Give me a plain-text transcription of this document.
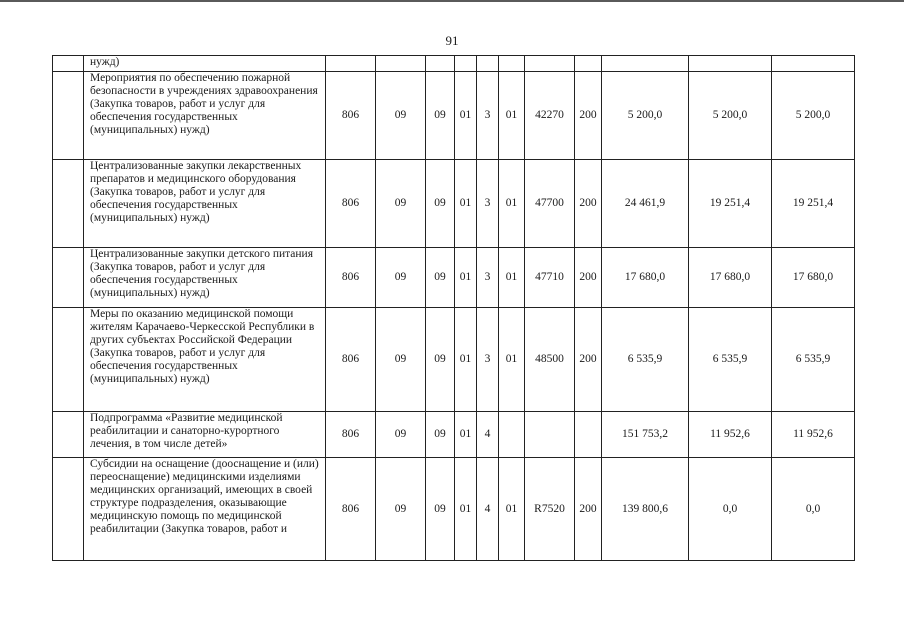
91
	нужд)											
	Мероприятия по обеспечению пожарной безопасности в учреждениях здравоохранения (Закупка товаров, работ и услуг для обеспечения государственных (муниципальных) нужд)	806	09	09	01	3	01	42270	200	5 200,0	5 200,0	5 200,0
	Централизованные закупки лекарственных препаратов и медицинского оборудования (Закупка товаров, работ и услуг для обеспечения государственных (муниципальных) нужд)	806	09	09	01	3	01	47700	200	24 461,9	19 251,4	19 251,4
	Централизованные закупки детского питания (Закупка товаров, работ и услуг для обеспечения государственных (муниципальных) нужд)	806	09	09	01	3	01	47710	200	17 680,0	17 680,0	17 680,0
	Меры по оказанию медицинской помощи жителям Карачаево-Черкесской Республики в других субъектах Российской Федерации (Закупка товаров, работ и услуг для обеспечения государственных (муниципальных) нужд)	806	09	09	01	3	01	48500	200	6 535,9	6 535,9	6 535,9
	Подпрограмма «Развитие медицинской реабилитации и санаторно-курортного лечения, в том числе детей»	806	09	09	01	4				151 753,2	11 952,6	11 952,6
	Субсидии на оснащение (дооснащение и (или) переоснащение) медицинскими изделиями медицинских организаций, имеющих в своей структуре подразделения, оказывающие медицинскую помощь по медицинской реабилитации (Закупка товаров, работ и	806	09	09	01	4	01	R7520	200	139 800,6	0,0	0,0
